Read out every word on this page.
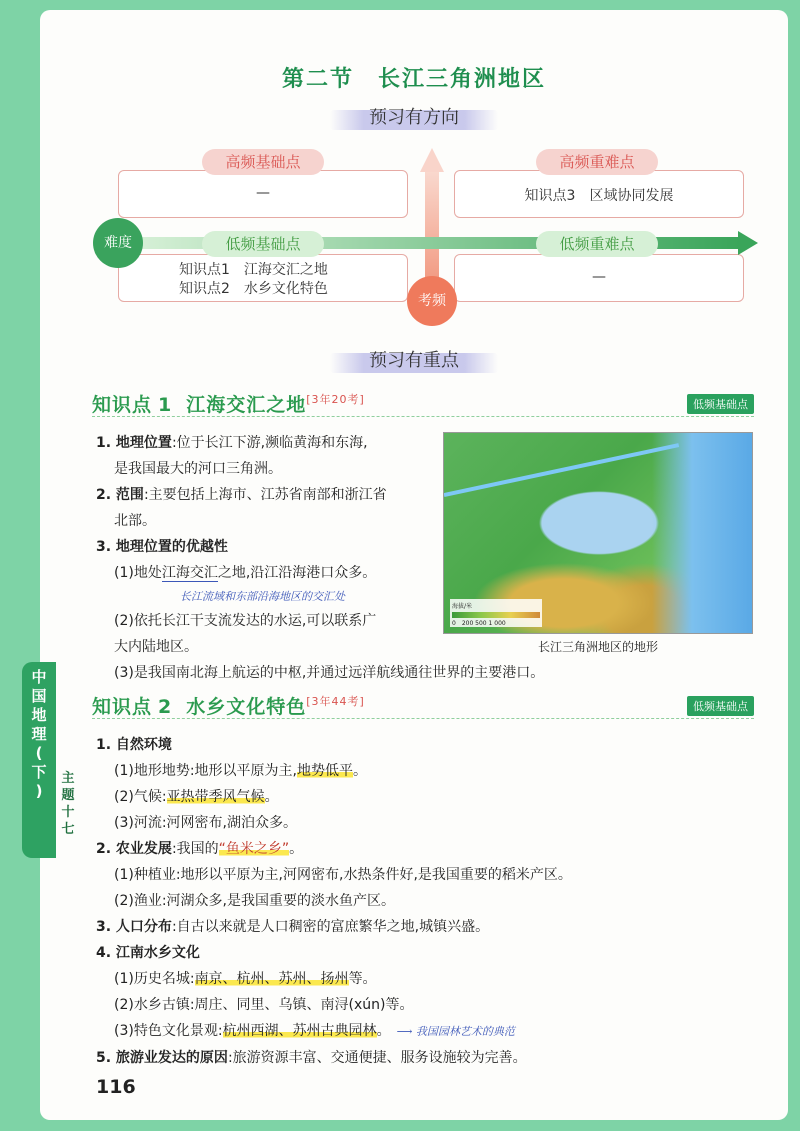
第二节 长江三角洲地区
预习有方向
—
高频基础点
知识点3　区域协同发展
高频重难点
知识点1　江海交汇之地
知识点2　水乡文化特色
—
低频基础点	低频重难点
难度
考频
预习有重点
知识点 1 江海交汇之地[3年20考]	低频基础点
1. 地理位置:位于长江下游,濒临黄海和东海,
是我国最大的河口三角洲。
2. 范围:主要包括上海市、江苏省南部和浙江省
北部。
3. 地理位置的优越性
(1)地处江海交汇之地,沿江沿海港口众多。
长江流域和东部沿海地区的交汇处
(2)依托长江干支流发达的水运,可以联系广
大内陆地区。
(3)是我国南北海上航运的中枢,并通过远洋航线通往世界的主要港口。
海拔/米
0　200 500 1 000
长江三角洲地区的地形
知识点 2 水乡文化特色[3年44考]	低频基础点
1. 自然环境
(1)地形地势:地形以平原为主,地势低平。
(2)气候:亚热带季风气候。
(3)河流:河网密布,湖泊众多。
2. 农业发展:我国的“鱼米之乡”。
(1)种植业:地形以平原为主,河网密布,水热条件好,是我国重要的稻米产区。
(2)渔业:河湖众多,是我国重要的淡水鱼产区。
3. 人口分布:自古以来就是人口稠密的富庶繁华之地,城镇兴盛。
4. 江南水乡文化
(1)历史名城:南京、杭州、苏州、扬州等。
(2)水乡古镇:周庄、同里、乌镇、南浔(xún)等。
(3)特色文化景观:杭州西湖、苏州古典园林。 ⟶ 我国园林艺术的典范
5. 旅游业发达的原因:旅游资源丰富、交通便捷、服务设施较为完善。
116
中
国
地
理
(
下
)
主
题
十
七
